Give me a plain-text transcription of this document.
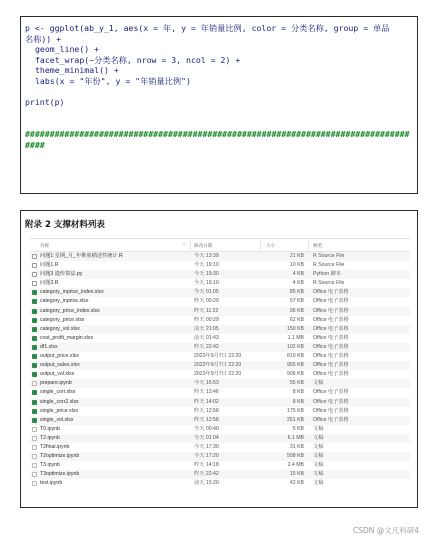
p <- ggplot(ab_y_1, aes(x = 年, y = 年销量比例, color = 分类名称, group = 单品
名称)) +
geom_line() +
facet_wrap(~分类名称, nrow = 3, ncol = 2) +
theme_minimal() +
labs(x = "年份", y = "年销量比例")
print(p)
##############################################################################
####
附录 2 支撑材料列表
名称	⌃ 修改日期	大小	种类
问题1 星期_月_年维度描述性统计.R	今天 13:39	21 KB R Source File
问题1.R	今天 19:10	10 KB R Source File
问题3 遗传算法.py	今天 19:30	4 KB Python 脚本
问题3.R	今天 19:10	4 KB R Source File
category_inprice_index.xlsx	今天 01:05	85 KB Office 电子表格
category_inprice.xlsx	昨天 00:29	57 KB Office 电子表格
category_price_index.xlsx	昨天 11:22	95 KB Office 电子表格
category_price.xlsx	昨天 00:29	62 KB Office 电子表格
category_vol.xlsx	前天 21:05	150 KB Office 电子表格
cost_profit_margin.xlsx	前天 01:43	1.1 MB Office 电子表格
df1.xlsx	昨天 22:42	102 KB Office 电子表格
output_price.xlsx	2023年9月7日 22:20	819 KB Office 电子表格
output_sales.xlsx	2023年9月7日 22:20	955 KB Office 电子表格
output_vol.xlsx	2023年9月7日 22:20	906 KB Office 电子表格
prepare.ipynb	今天 16:53	55 KB 文稿
single_corr.xlsx	昨天 13:46	8 KB Office 电子表格
single_corr2.xlsx	昨天 14:02	8 KB Office 电子表格
single_price.xlsx	昨天 12:58	175 KB Office 电子表格
single_vol.xlsx	昨天 12:58	251 KB Office 电子表格
T0.ipynb	今天 00:40	5 KB 文稿
T2.ipynb	今天 01:04	6.1 MB 文稿
T2final.ipynb	今天 17:30	31 KB 文稿
T2optimize.ipynb	今天 17:20	508 KB 文稿
T3.ipynb	昨天 14:18	2.4 MB 文稿
T3optimize.ipynb	昨天 22:42	15 KB 文稿
test.ipynb	前天 15:20	42 KB 文稿
CSDN @文凡科研4
